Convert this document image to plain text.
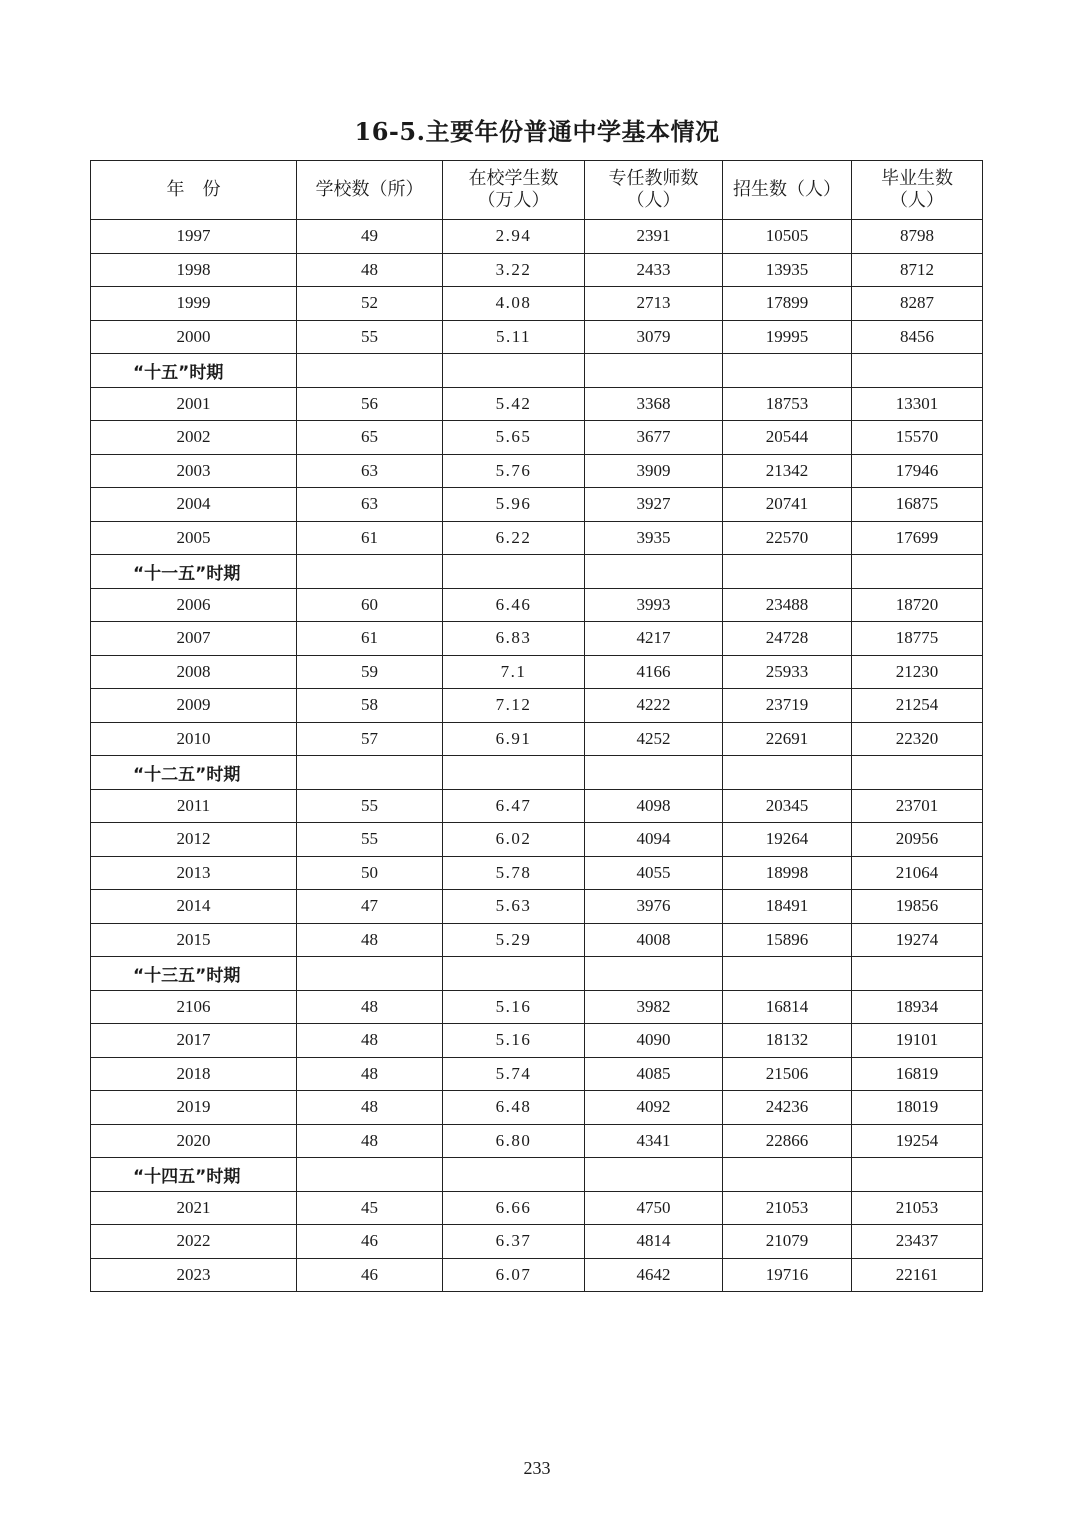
16-5.主要年份普通中学基本情况
年　份	学校数（所）	在校学生数（万人）	专任教师数（人）	招生数（人）	毕业生数（人）
1997	49	2.94	2391	10505	8798
1998	48	3.22	2433	13935	8712
1999	52	4.08	2713	17899	8287
2000	55	5.11	3079	19995	8456
“十五”时期					
2001	56	5.42	3368	18753	13301
2002	65	5.65	3677	20544	15570
2003	63	5.76	3909	21342	17946
2004	63	5.96	3927	20741	16875
2005	61	6.22	3935	22570	17699
“十一五”时期					
2006	60	6.46	3993	23488	18720
2007	61	6.83	4217	24728	18775
2008	59	7.1	4166	25933	21230
2009	58	7.12	4222	23719	21254
2010	57	6.91	4252	22691	22320
“十二五”时期					
2011	55	6.47	4098	20345	23701
2012	55	6.02	4094	19264	20956
2013	50	5.78	4055	18998	21064
2014	47	5.63	3976	18491	19856
2015	48	5.29	4008	15896	19274
“十三五”时期					
2106	48	5.16	3982	16814	18934
2017	48	5.16	4090	18132	19101
2018	48	5.74	4085	21506	16819
2019	48	6.48	4092	24236	18019
2020	48	6.80	4341	22866	19254
“十四五”时期					
2021	45	6.66	4750	21053	21053
2022	46	6.37	4814	21079	23437
2023	46	6.07	4642	19716	22161
233
